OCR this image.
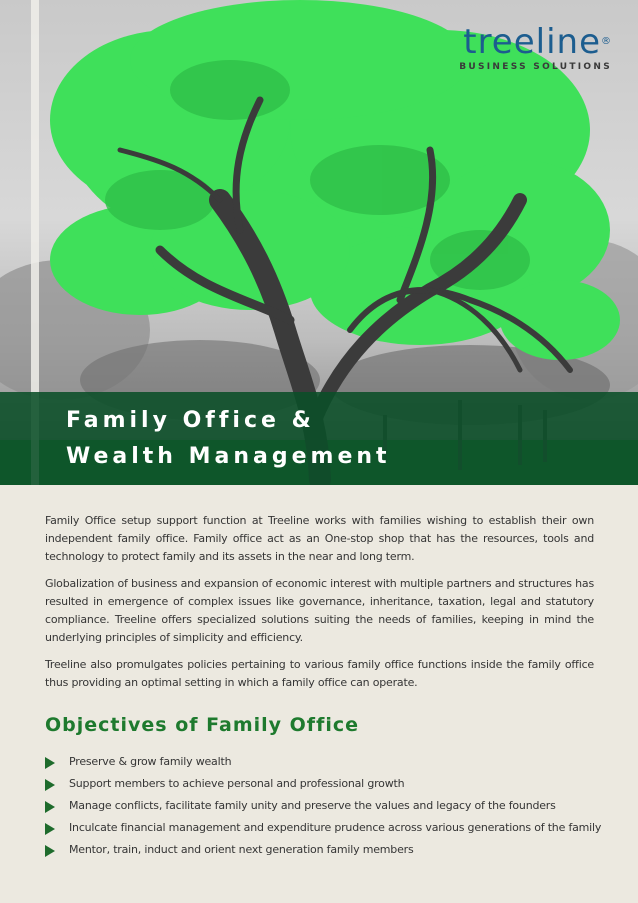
Family Office &
Wealth Management
treeline®
BUSINESS SOLUTIONS

Family Office setup support function at Treeline works with families wishing to establish their own independent family office. Family office act as an One-stop shop that has the resources, tools and technology to protect family and its assets in the near and long term.

Globalization of business and expansion of economic interest with multiple partners and structures has resulted in emergence of complex issues like governance, inheritance, taxation, legal and statutory compliance. Treeline offers specialized solutions suiting the needs of families, keeping in mind the underlying principles of simplicity and efficiency.

Treeline also promulgates policies pertaining to various family office functions inside the family office thus providing an optimal setting in which a family office can operate.

Objectives of Family Office
Preserve & grow family wealth
Support members to achieve personal and professional growth
Manage conflicts, facilitate family unity and preserve the values and legacy of the founders
Inculcate financial management and expenditure prudence across various generations of the family
Mentor, train, induct and orient next generation family members
